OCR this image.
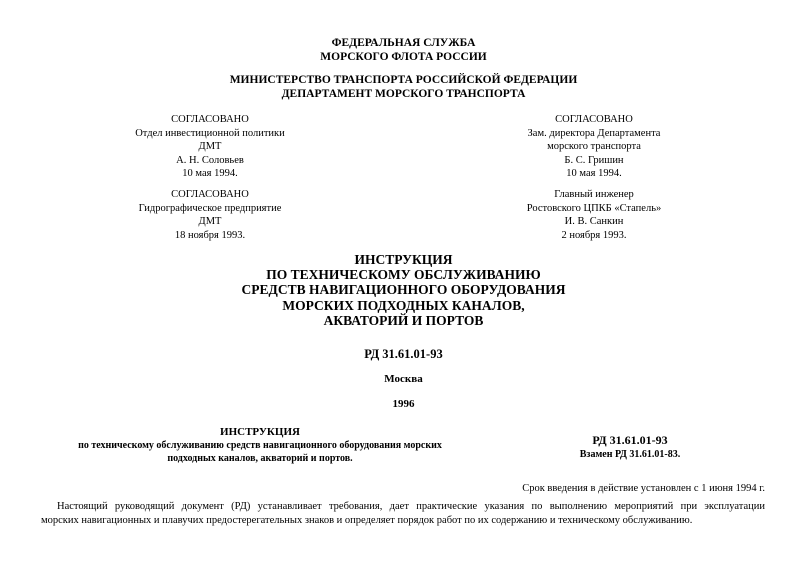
ФЕДЕРАЛЬНАЯ СЛУЖБА
МОРСКОГО ФЛОТА РОССИИ
МИНИСТЕРСТВО ТРАНСПОРТА РОССИЙСКОЙ ФЕДЕРАЦИИ
ДЕПАРТАМЕНТ МОРСКОГО ТРАНСПОРТА
СОГЛАСОВАНО
Отдел инвестиционной политики
ДМТ
А. Н. Соловьев
10 мая 1994.
СОГЛАСОВАНО
Зам. директора Департамента
морского транспорта
Б. С. Гришин
10 мая 1994.
СОГЛАСОВАНО
Гидрографическое предприятие
ДМТ
18 ноября 1993.
Главный инженер
Ростовского ЦПКБ «Стапель»
И. В. Санкин
2 ноября 1993.
ИНСТРУКЦИЯ
ПО ТЕХНИЧЕСКОМУ ОБСЛУЖИВАНИЮ
СРЕДСТВ НАВИГАЦИОННОГО ОБОРУДОВАНИЯ
МОРСКИХ ПОДХОДНЫХ КАНАЛОВ,
АКВАТОРИЙ И ПОРТОВ
РД 31.61.01-93
Москва
1996
ИНСТРУКЦИЯ
по техническому обслуживанию средств навигационного оборудования морских
подходных каналов, акваторий и портов.
РД 31.61.01-93
Взамен РД 31.61.01-83.
Срок введения в действие установлен с 1 июня 1994 г.
Настоящий руководящий документ (РД) устанавливает требования, дает практические указания по выполнению мероприятий при эксплуатации
морских навигационных и плавучих предостерегательных знаков и определяет порядок работ по их содержанию и техническому обслуживанию.
